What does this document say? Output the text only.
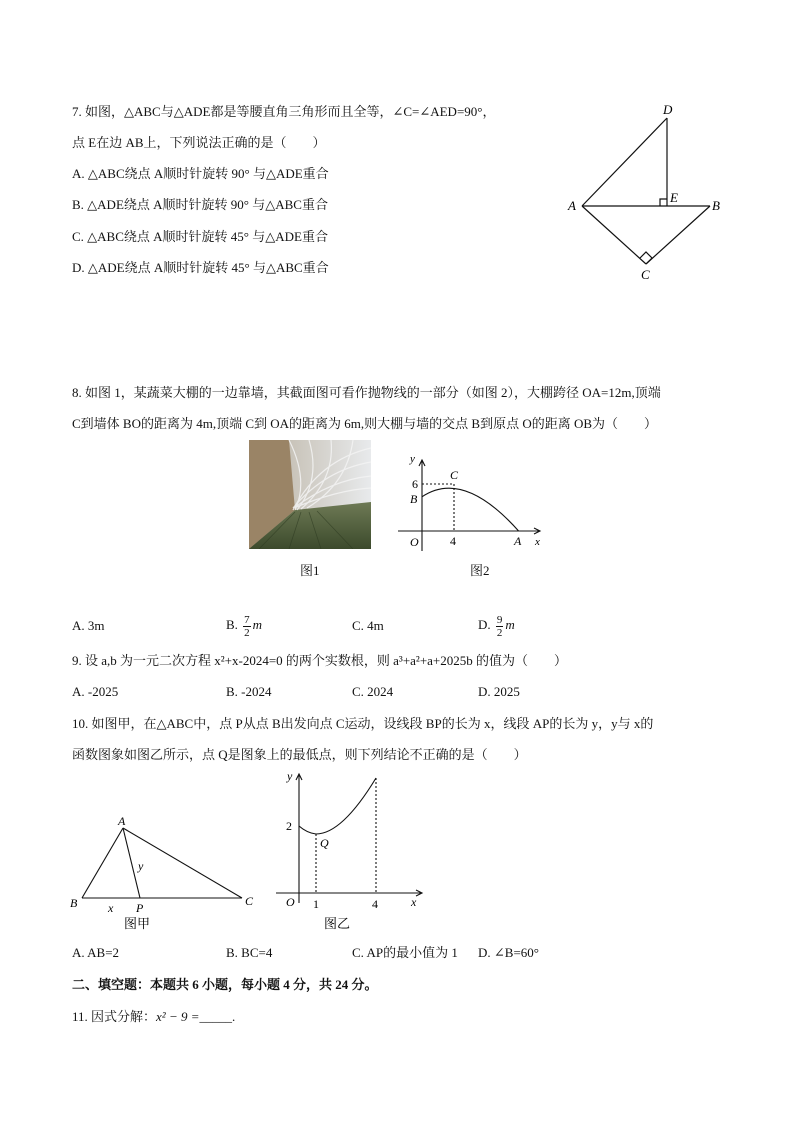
7. 如图，△ABC与△ADE都是等腰直角三角形而且全等，∠C=∠AED=90°，
点 E在边 AB上，下列说法正确的是（　　）
A. △ABC绕点 A顺时针旋转 90° 与△ADE重合
B. △ADE绕点 A顺时针旋转 90° 与△ABC重合
C. △ABC绕点 A顺时针旋转 45° 与△ADE重合
D. △ADE绕点 A顺时针旋转 45° 与△ABC重合
D
A	B
E
C
8. 如图 1，某蔬菜大棚的一边靠墙，其截面图可看作抛物线的一部分（如图 2），大棚跨径 OA=12m,顶端
C到墙体 BO的距离为 4m,顶端 C到 OA的距离为 6m,则大棚与墙的交点 B到原点 O的距离 OB为（　　）
图1
y
6
B
C
O	4	A x
图2
A. 3m	B. $\frac{7}{2}$ m	C. 4m	D. $\frac{9}{2}$ m
9. 设 a,b 为一元二次方程 x²+x-2024=0 的两个实数根，则 a³+a²+a+2025b 的值为（　　）
A. -2025	B. -2024	C. 2024	D. 2025
10. 如图甲，在△ABC中，点 P从点 B出发向点 C运动，设线段 BP的长为 x，线段 AP的长为 y，y与 x的
函数图象如图乙所示，点 Q是图象上的最低点，则下列结论不正确的是（　　）
A
y
B	x P	C
图甲
y
2
Q
O 1	4	x
图乙
A. AB=2	B. BC=4	C. AP的最小值为 1 D. ∠B=60°
二、填空题：本题共 6 小题，每小题 4 分，共 24 分。
11. 因式分解：x² − 9 =_____.
